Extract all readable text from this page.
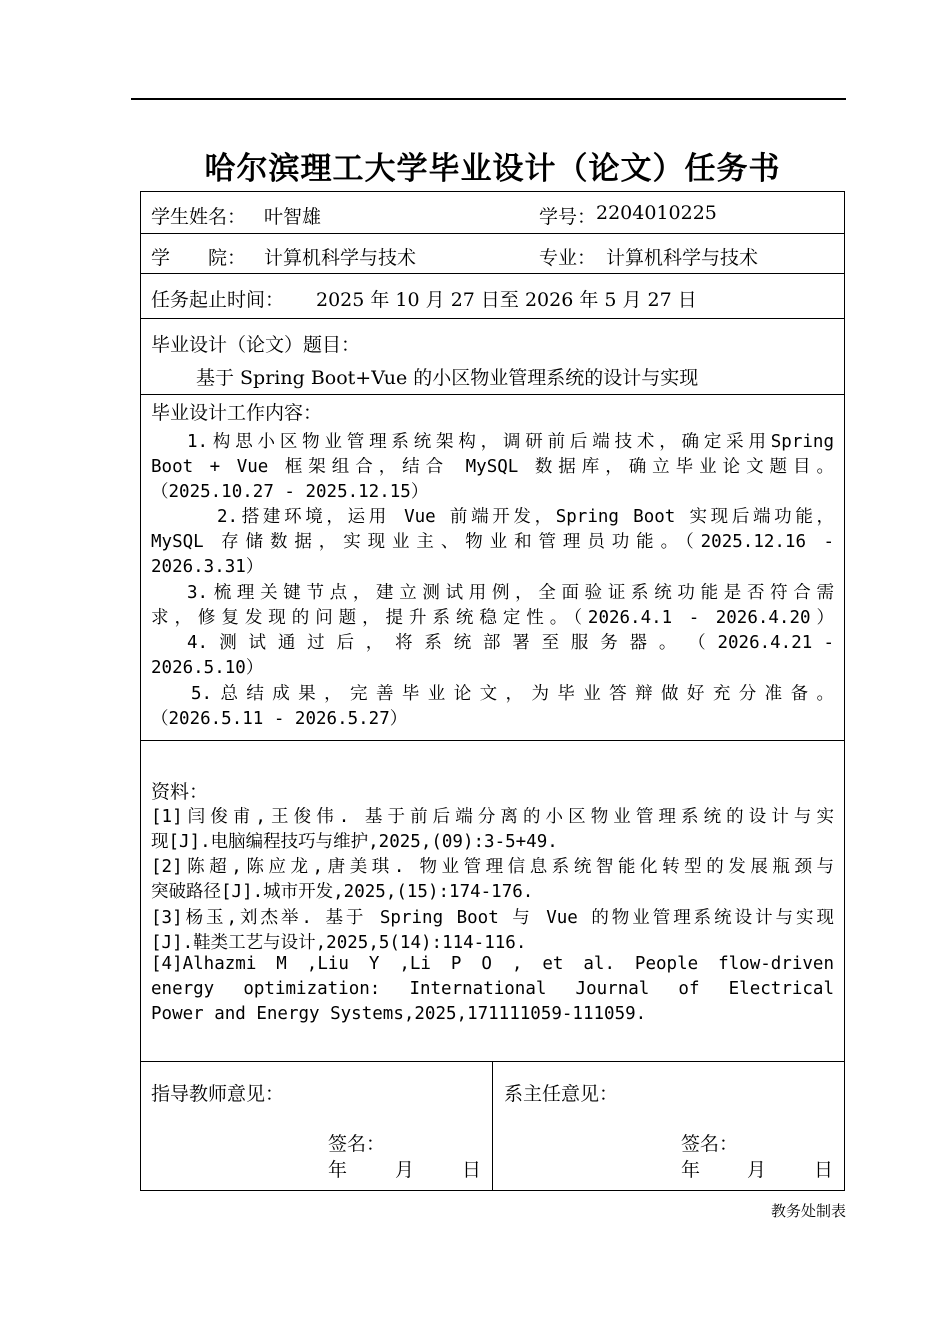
哈尔滨理工大学毕业设计（论文）任务书
学生姓名： 叶智雄	学号： 2204010225
学　　院： 计算机科学与技术	专业： 计算机科学与技术
任务起止时间： 2025 年 10 月 27 日至 2026 年 5 月 27 日
毕业设计（论文）题目：
基于 Spring Boot+Vue 的小区物业管理系统的设计与实现
毕业设计工作内容：
1.构思小区物业管理系统架构，调研前后端技术，确定采用Spring
Boot + Vue 框架组合，结合 MySQL 数据库，确立毕业论文题目。
（2025.10.27 - 2025.12.15）
2.搭建环境，运用 Vue 前端开发，Spring Boot 实现后端功能，
MySQL 存储数据，实现业主、物业和管理员功能。（2025.12.16 -
2026.3.31）
3.梳理关键节点，建立测试用例，全面验证系统功能是否符合需
求，修复发现的问题，提升系统稳定性。（2026.4.1 - 2026.4.20）
4. 测 试 通 过 后 ， 将 系 统 部 署 至 服 务 器 。 （ 2026.4.21 -
2026.5.10）
5.总结成果，完善毕业论文，为毕业答辩做好充分准备。
（2026.5.11 - 2026.5.27）
资料：
[1]闫俊甫,王俊伟. 基于前后端分离的小区物业管理系统的设计与实
现[J].电脑编程技巧与维护,2025,(09):3-5+49.
[2]陈超,陈应龙,唐美琪. 物业管理信息系统智能化转型的发展瓶颈与
突破路径[J].城市开发,2025,(15):174-176.
[3]杨玉,刘杰举. 基于 Spring Boot 与 Vue 的物业管理系统设计与实现
[J].鞋类工艺与设计,2025,5(14):114-116.
[4]Alhazmi M ,Liu Y ,Li P O , et al. People flow-driven
energy optimization: International Journal of Electrical
Power and Energy Systems,2025,171111059-111059.
指导教师意见：
签名：
年	月	日
系主任意见：
签名：
年 月	日
教务处制表
